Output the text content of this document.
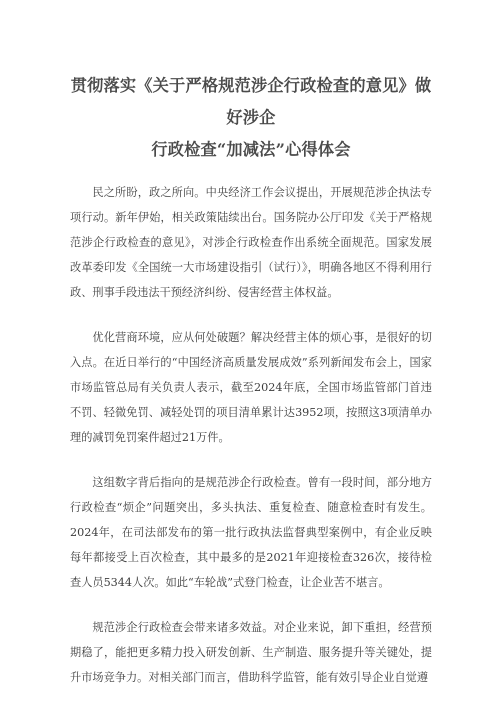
贯彻落实《关于严格规范涉企行政检查的意见》做好涉企
行政检查“加减法”心得体会

民之所盼，政之所向。中央经济工作会议提出，开展规范涉企执法专项行动。新年伊始，相关政策陆续出台。国务院办公厅印发《关于严格规范涉企行政检查的意见》，对涉企行政检查作出系统全面规范。国家发展改革委印发《全国统一大市场建设指引（试行）》，明确各地区不得利用行政、刑事手段违法干预经济纠纷、侵害经营主体权益。

优化营商环境，应从何处破题？解决经营主体的烦心事，是很好的切入点。在近日举行的“中国经济高质量发展成效”系列新闻发布会上，国家市场监管总局有关负责人表示，截至2024年底，全国市场监管部门首违不罚、轻微免罚、减轻处罚的项目清单累计达3952项，按照这3项清单办理的减罚免罚案件超过21万件。

这组数字背后指向的是规范涉企行政检查。曾有一段时间，部分地方行政检查“烦企”问题突出，多头执法、重复检查、随意检查时有发生。2024年，在司法部发布的第一批行政执法监督典型案例中，有企业反映每年都接受上百次检查，其中最多的是2021年迎接检查326次，接待检查人员5344人次。如此“车轮战”式登门检查，让企业苦不堪言。

规范涉企行政检查会带来诸多效益。对企业来说，卸下重担，经营预期稳了，能把更多精力投入研发创新、生产制造、服务提升等关键处，提升市场竞争力。对相关部门而言，借助科学监管，能有效引导企业自觉遵
